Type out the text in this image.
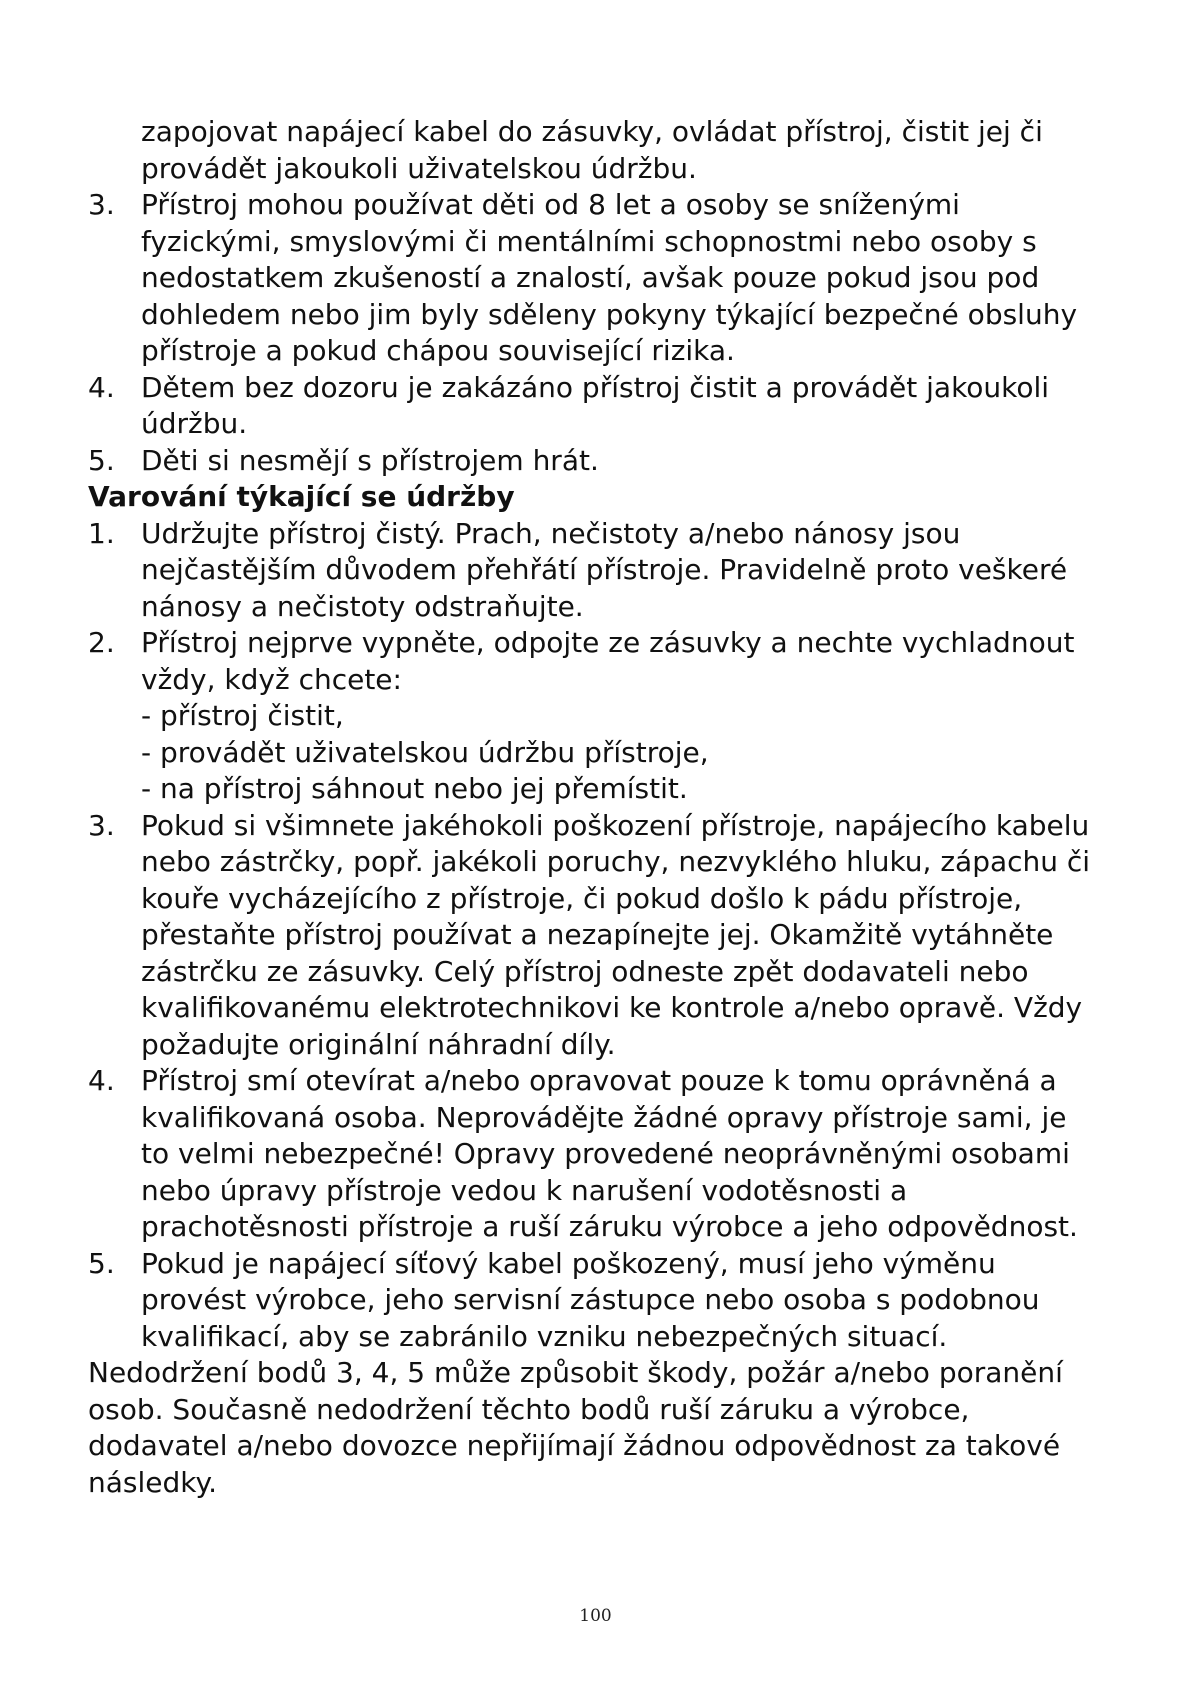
zapojovat napájecí kabel do zásuvky, ovládat přístroj, čistit jej či
provádět jakoukoli uživatelskou údržbu.
3. Přístroj mohou používat děti od 8 let a osoby se sníženými
fyzickými, smyslovými či mentálními schopnostmi nebo osoby s
nedostatkem zkušeností a znalostí, avšak pouze pokud jsou pod
dohledem nebo jim byly sděleny pokyny týkající bezpečné obsluhy
přístroje a pokud chápou související rizika.
4. Dětem bez dozoru je zakázáno přístroj čistit a provádět jakoukoli
údržbu.
5. Děti si nesmějí s přístrojem hrát.
Varování týkající se údržby
1. Udržujte přístroj čistý. Prach, nečistoty a/nebo nánosy jsou
nejčastějším důvodem přehřátí přístroje. Pravidelně proto veškeré
nánosy a nečistoty odstraňujte.
2. Přístroj nejprve vypněte, odpojte ze zásuvky a nechte vychladnout
vždy, když chcete:
- přístroj čistit,
- provádět uživatelskou údržbu přístroje,
- na přístroj sáhnout nebo jej přemístit.
3. Pokud si všimnete jakéhokoli poškození přístroje, napájecího kabelu
nebo zástrčky, popř. jakékoli poruchy, nezvyklého hluku, zápachu či
kouře vycházejícího z přístroje, či pokud došlo k pádu přístroje,
přestaňte přístroj používat a nezapínejte jej. Okamžitě vytáhněte
zástrčku ze zásuvky. Celý přístroj odneste zpět dodavateli nebo
kvalifikovanému elektrotechnikovi ke kontrole a/nebo opravě. Vždy
požadujte originální náhradní díly.
4. Přístroj smí otevírat a/nebo opravovat pouze k tomu oprávněná a
kvalifikovaná osoba. Neprovádějte žádné opravy přístroje sami, je
to velmi nebezpečné! Opravy provedené neoprávněnými osobami
nebo úpravy přístroje vedou k narušení vodotěsnosti a
prachotěsnosti přístroje a ruší záruku výrobce a jeho odpovědnost.
5. Pokud je napájecí síťový kabel poškozený, musí jeho výměnu
provést výrobce, jeho servisní zástupce nebo osoba s podobnou
kvalifikací, aby se zabránilo vzniku nebezpečných situací.
Nedodržení bodů 3, 4, 5 může způsobit škody, požár a/nebo poranění
osob. Současně nedodržení těchto bodů ruší záruku a výrobce,
dodavatel a/nebo dovozce nepřijímají žádnou odpovědnost za takové
následky.
100
